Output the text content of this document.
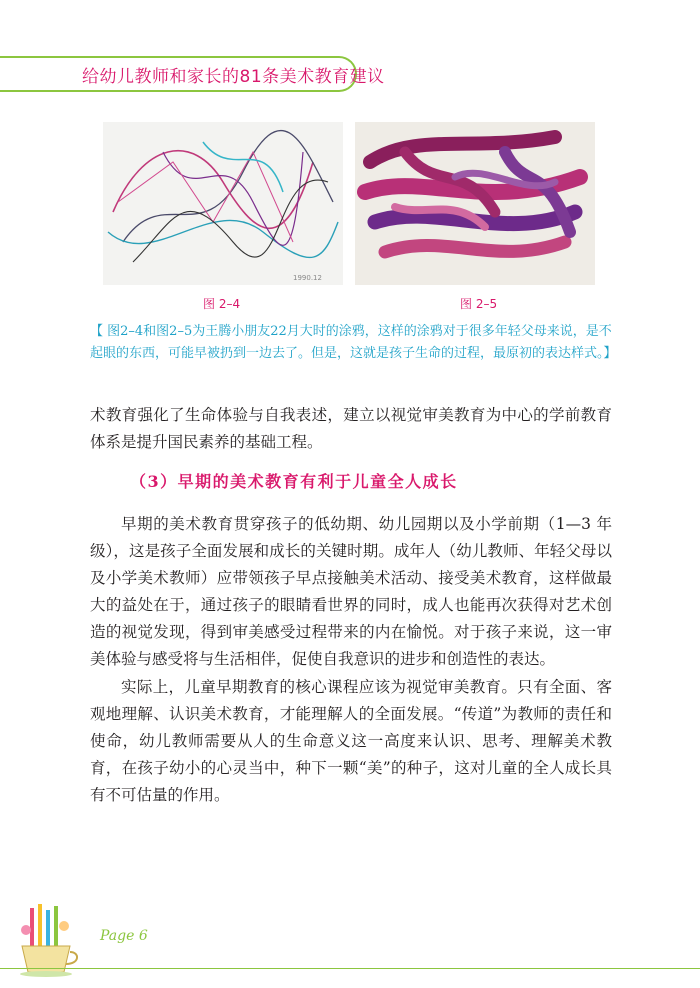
给幼儿教师和家长的81条美术教育建议
1990.12
图 2–4	图 2–5
【 图2–4和图2–5为王腾小朋友22月大时的涂鸦，这样的涂鸦对于很多年轻父母来说，是不起眼的东西，可能早被扔到一边去了。但是，这就是孩子生命的过程，最原初的表达样式。】

术教育强化了生命体验与自我表述，建立以视觉审美教育为中心的学前教育体系是提升国民素养的基础工程。

（3）早期的美术教育有利于儿童全人成长

早期的美术教育贯穿孩子的低幼期、幼儿园期以及小学前期（1—3 年级），这是孩子全面发展和成长的关键时期。成年人（幼儿教师、年轻父母以及小学美术教师）应带领孩子早点接触美术活动、接受美术教育，这样做最大的益处在于，通过孩子的眼睛看世界的同时，成人也能再次获得对艺术创造的视觉发现，得到审美感受过程带来的内在愉悦。对于孩子来说，这一审美体验与感受将与生活相伴，促使自我意识的进步和创造性的表达。

实际上，儿童早期教育的核心课程应该为视觉审美教育。只有全面、客观地理解、认识美术教育，才能理解人的全面发展。“传道”为教师的责任和使命，幼儿教师需要从人的生命意义这一高度来认识、思考、理解美术教育，在孩子幼小的心灵当中，种下一颗“美”的种子，这对儿童的全人成长具有不可估量的作用。

Page 6
